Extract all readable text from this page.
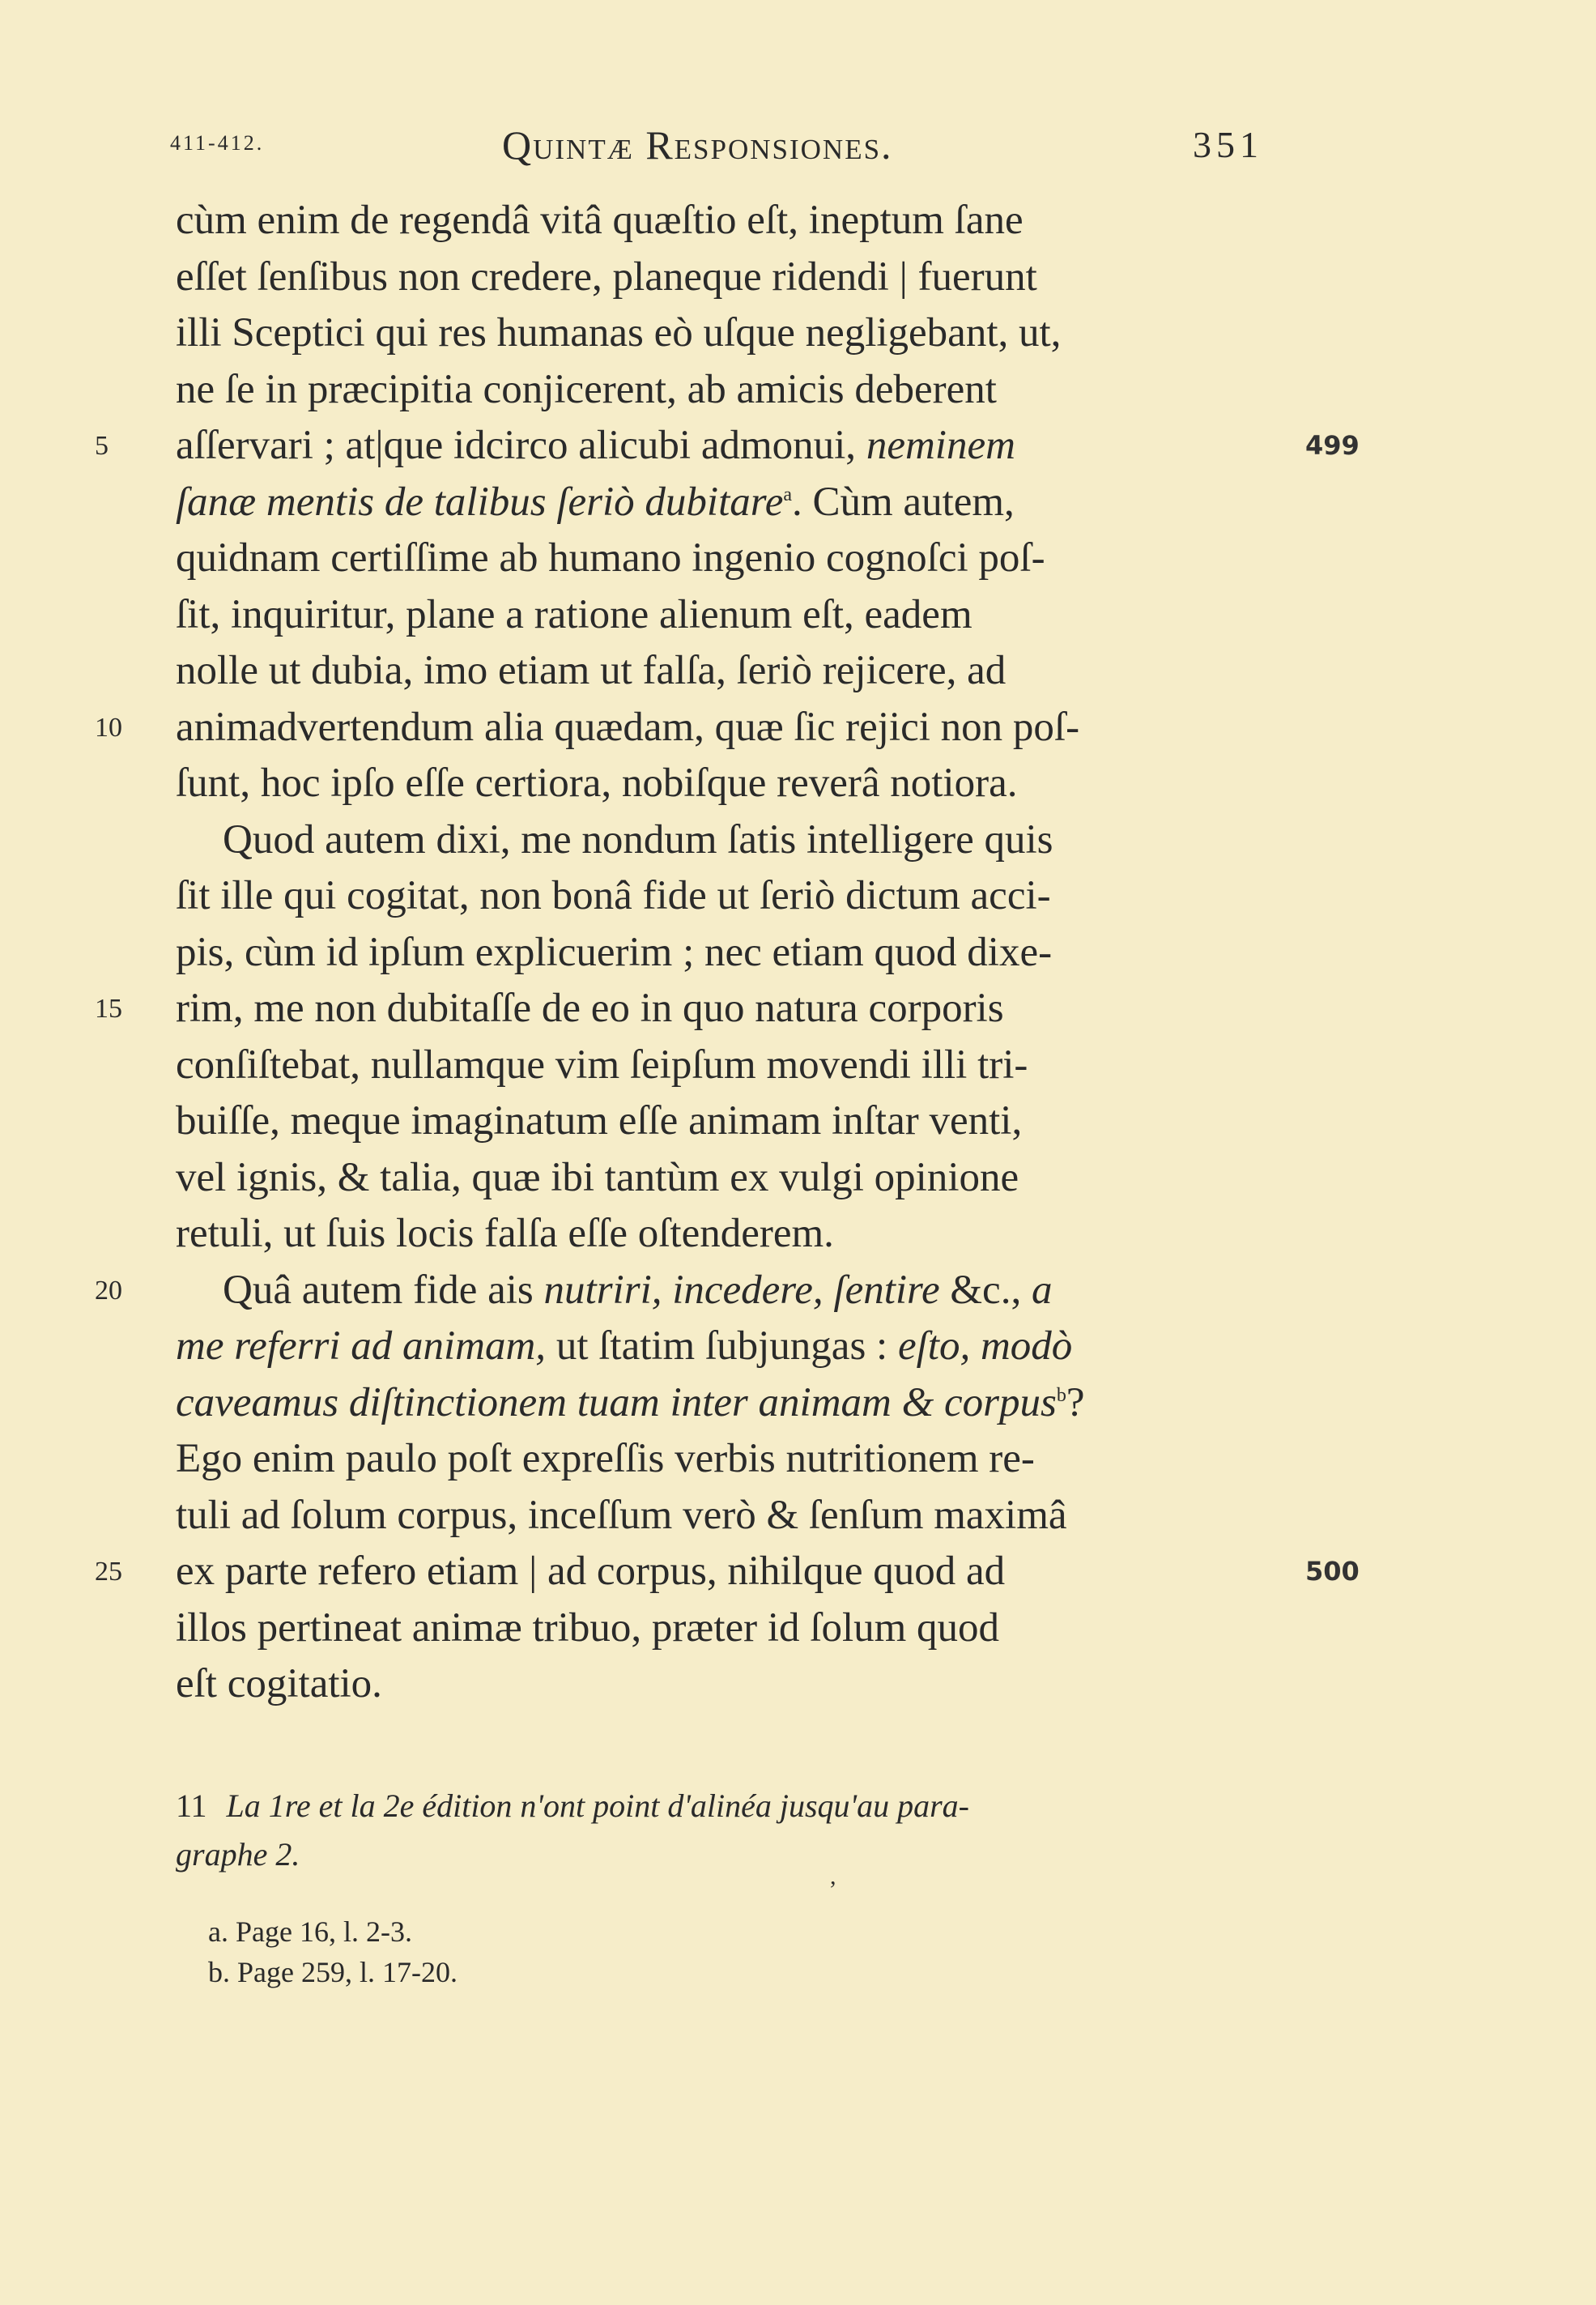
411-412.	Quintæ Responsiones.	351
cùm enim de regendâ vitâ quæſtio eſt, ineptum ſane
eſſet ſenſibus non credere, planeque ridendi | fuerunt
illi Sceptici qui res humanas eò uſque negligebant, ut,
ne ſe in præcipitia conjicerent, ab amicis deberent
5 aſſervari ; at|que idcirco alicubi admonui, neminem	499
ſanæ mentis de talibus ſeriò dubitare$^a$. Cùm autem,
quidnam certiſſime ab humano ingenio cognoſci poſ-
ſit, inquiritur, plane a ratione alienum eſt, eadem
nolle ut dubia, imo etiam ut falſa, ſeriò rejicere, ad
10 animadvertendum alia quædam, quæ ſic rejici non poſ-
ſunt, hoc ipſo eſſe certiora, nobiſque reverâ notiora.
Quod autem dixi, me nondum ſatis intelligere quis
ſit ille qui cogitat, non bonâ fide ut ſeriò dictum acci-
pis, cùm id ipſum explicuerim ; nec etiam quod dixe-
15 rim, me non dubitaſſe de eo in quo natura corporis
conſiſtebat, nullamque vim ſeipſum movendi illi tri-
buiſſe, meque imaginatum eſſe animam inſtar venti,
vel ignis, & talia, quæ ibi tantùm ex vulgi opinione
retuli, ut ſuis locis falſa eſſe oſtenderem.
20 Quâ autem fide ais nutriri, incedere, ſentire &c., a
me referri ad animam, ut ſtatim ſubjungas : eſto, modò
caveamus diſtinctionem tuam inter animam & corpus$^b$?
Ego enim paulo poſt expreſſis verbis nutritionem re-
tuli ad ſolum corpus, inceſſum verò & ſenſum maximâ
25 ex parte refero etiam | ad corpus, nihilque quod ad	500
illos pertineat animæ tribuo, præter id ſolum quod
eſt cogitatio.
11 La 1re et la 2e édition n'ont point d'alinéa jusqu'au para-
graphe 2.
a. Page 16, l. 2-3.
b. Page 259, l. 17-20.
,
